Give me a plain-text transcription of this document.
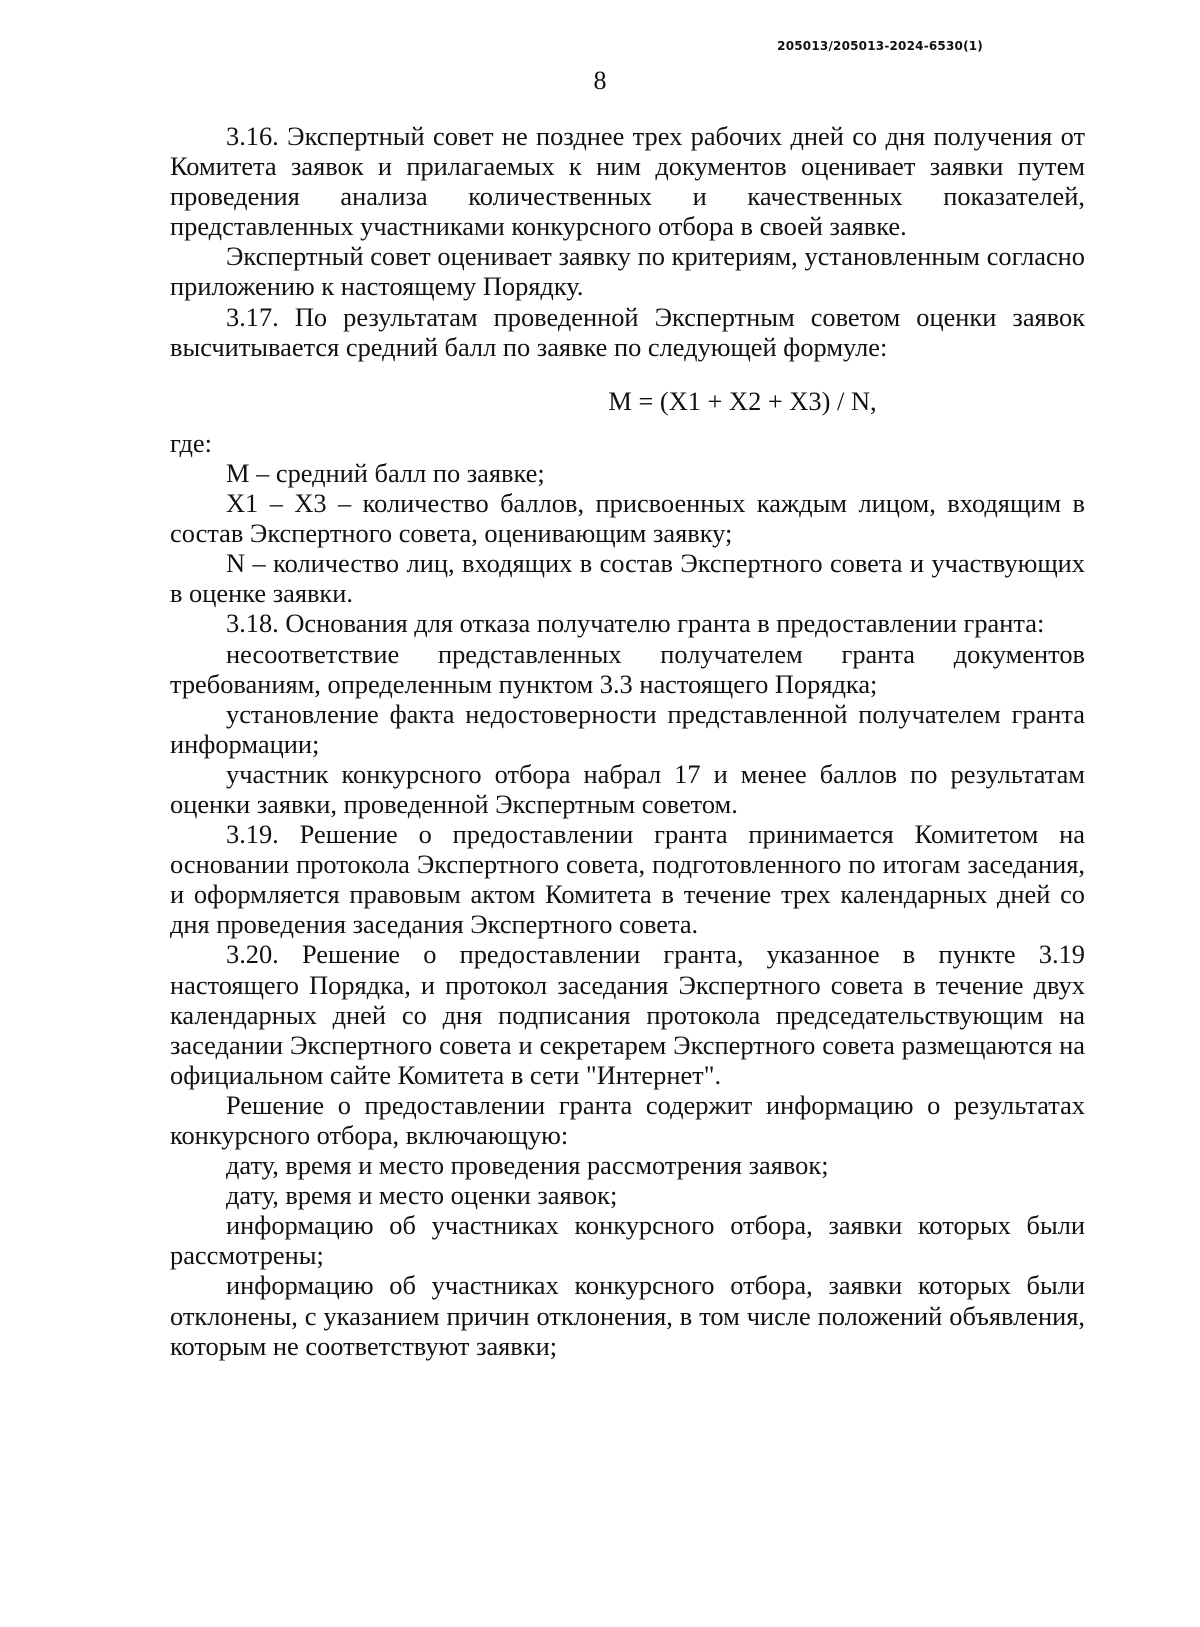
205013/205013-2024-6530(1)
8

3.16. Экспертный совет не позднее трех рабочих дней со дня получения от Комитета заявок и прилагаемых к ним документов оценивает заявки путем проведения анализа количественных и качественных показателей, представленных участниками конкурсного отбора в своей заявке.

Экспертный совет оценивает заявку по критериям, установленным согласно приложению к настоящему Порядку.

3.17. По результатам проведенной Экспертным советом оценки заявок высчитывается средний балл по заявке по следующей формуле:

M = (X1 + X2 + X3) / N,

где:

M – средний балл по заявке;

X1 – X3 – количество баллов, присвоенных каждым лицом, входящим в состав Экспертного совета, оценивающим заявку;

N – количество лиц, входящих в состав Экспертного совета и участвующих в оценке заявки.

3.18. Основания для отказа получателю гранта в предоставлении гранта:

несоответствие представленных получателем гранта документов требованиям, определенным пунктом 3.3 настоящего Порядка;

установление факта недостоверности представленной получателем гранта информации;

участник конкурсного отбора набрал 17 и менее баллов по результатам оценки заявки, проведенной Экспертным советом.

3.19. Решение о предоставлении гранта принимается Комитетом на основании протокола Экспертного совета, подготовленного по итогам заседания, и оформляется правовым актом Комитета в течение трех календарных дней со дня проведения заседания Экспертного совета.

3.20. Решение о предоставлении гранта, указанное в пункте 3.19 настоящего Порядка, и протокол заседания Экспертного совета в течение двух календарных дней со дня подписания протокола председательствующим на заседании Экспертного совета и секретарем Экспертного совета размещаются на официальном сайте Комитета в сети "Интернет".

Решение о предоставлении гранта содержит информацию о результатах конкурсного отбора, включающую:

дату, время и место проведения рассмотрения заявок;

дату, время и место оценки заявок;

информацию об участниках конкурсного отбора, заявки которых были рассмотрены;

информацию об участниках конкурсного отбора, заявки которых были отклонены, с указанием причин отклонения, в том числе положений объявления, которым не соответствуют заявки;
